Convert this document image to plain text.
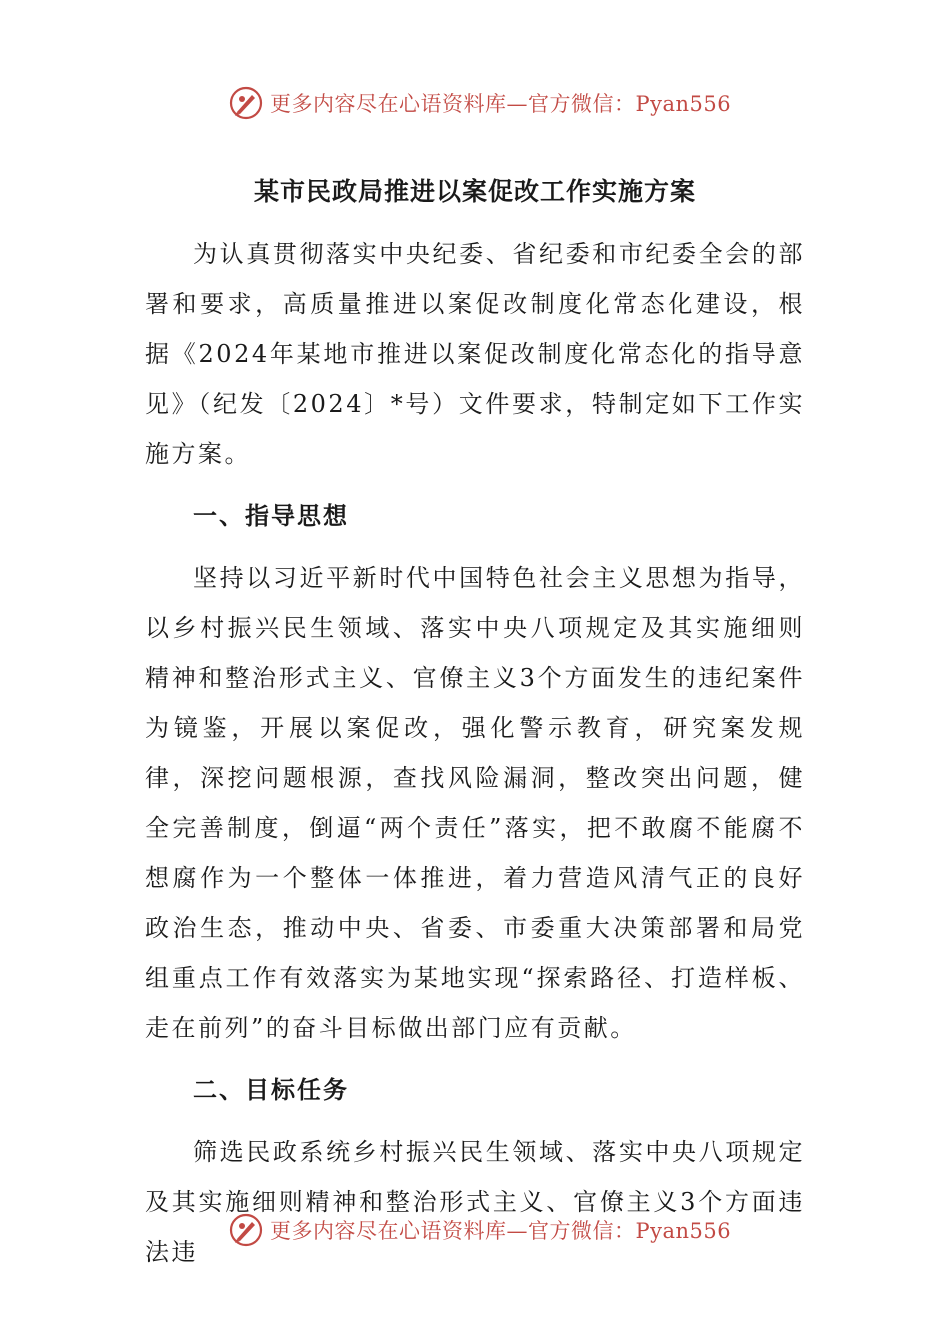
更多内容尽在心语资料库—官方微信：Pyan556
某市民政局推进以案促改工作实施方案

为认真贯彻落实中央纪委、省纪委和市纪委全会的部署和要求，高质量推进以案促改制度化常态化建设，根据《2024年某地市推进以案促改制度化常态化的指导意见》（纪发〔2024〕*号）文件要求，特制定如下工作实施方案。

一、指导思想

坚持以习近平新时代中国特色社会主义思想为指导，以乡村振兴民生领域、落实中央八项规定及其实施细则精神和整治形式主义、官僚主义3个方面发生的违纪案件为镜鉴，开展以案促改，强化警示教育，研究案发规律，深挖问题根源，查找风险漏洞，整改突出问题，健全完善制度，倒逼“两个责任”落实，把不敢腐不能腐不想腐作为一个整体一体推进，着力营造风清气正的良好政治生态，推动中央、省委、市委重大决策部署和局党组重点工作有效落实为某地实现“探索路径、打造样板、走在前列”的奋斗目标做出部门应有贡献。

二、目标任务

筛选民政系统乡村振兴民生领域、落实中央八项规定及其实施细则精神和整治形式主义、官僚主义3个方面违法违

更多内容尽在心语资料库—官方微信：Pyan556
